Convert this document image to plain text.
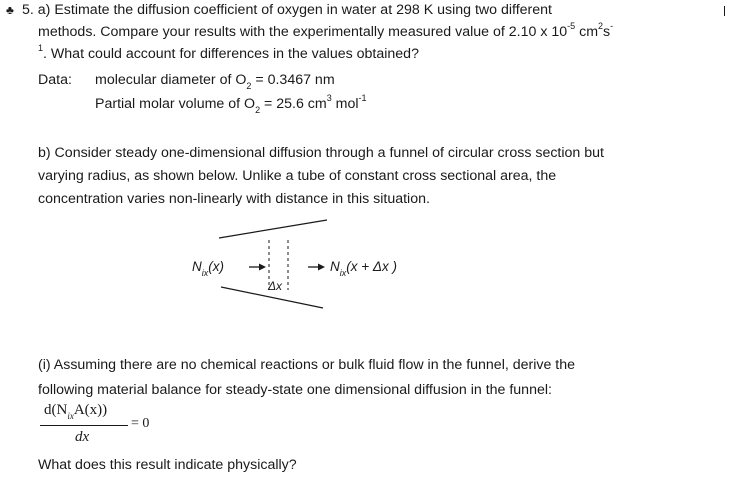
♣ 5. a) Estimate the diffusion coefficient of oxygen in water at 298 K using two different
methods. Compare your results with the experimentally measured value of 2.10 x $10^{-5}$ $cm^2s^-$
$^1$. What could account for differences in the values obtained?
Data: molecular diameter of $O_2 = 0.3467$ nm
Partial molar volume of $O_2 = 25.6$ $cm^3$ mol$^{-1}$
b) Consider steady one-dimensional diffusion through a funnel of circular cross section but
varying radius, as shown below. Unlike a tube of constant cross sectional area, the
concentration varies non-linearly with distance in this situation.
$N_{ix}(x)$	$N_{ix}(x + \Delta x$ )
Δx
(i) Assuming there are no chemical reactions or bulk fluid flow in the funnel, derive the
following material balance for steady-state one dimensional diffusion in the funnel:
$d(N_{ix}A(x))$
= 0
dx
What does this result indicate physically?
